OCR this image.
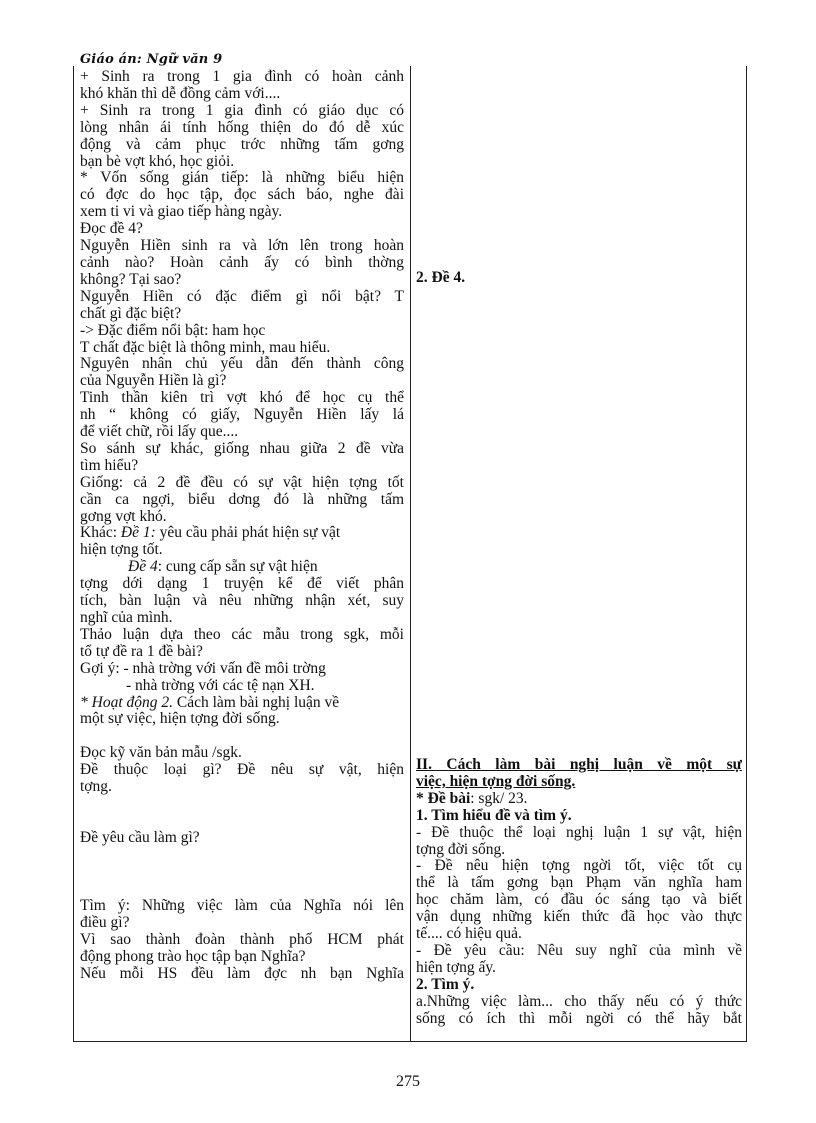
Giáo án: Ngữ văn 9
+ Sinh ra trong 1 gia đình có hoàn cảnh
khó khăn thì dễ đồng cảm với....
+ Sinh ra trong 1 gia đình có giáo dục có
lòng nhân ái tính hống thiện do đó dễ xúc
động và cảm phục trớc những tấm gơng
bạn bè vợt khó, học giỏi.
* Vốn sống gián tiếp: là những biểu hiện
có đợc do học tập, đọc sách báo, nghe đài
xem ti vi và giao tiếp hàng ngày.
Đọc đề 4?
Nguyễn Hiền sinh ra và lớn lên trong hoàn
cảnh nào? Hoàn cảnh ấy có bình thờng
không? Tại sao?
Nguyễn Hiền có đặc điểm gì nổi bật? T
chất gì đặc biệt?
-> Đặc điểm nổi bật: ham học
T chất đặc biệt là thông minh, mau hiểu.
Nguyên nhân chủ yếu dẫn đến thành công
của Nguyễn Hiền là gì?
Tinh thần kiên trì vợt khó để học cụ thể
nh “ không có giấy, Nguyễn Hiền lấy lá
để viết chữ, rồi lấy que....
So sánh sự khác, giống nhau giữa 2 đề vừa
tìm hiểu?
Giống: cả 2 đề đều có sự vật hiện tợng tốt
cần ca ngợi, biểu dơng đó là những tấm
gơng vợt khó.
Khác: Đề 1: yêu cầu phải phát hiện sự vật
hiện tợng tốt.
Đề 4: cung cấp sẵn sự vật hiện
tợng dới dạng 1 truyện kể để viết phân
tích, bàn luận và nêu những nhận xét, suy
nghĩ của mình.
Thảo luận dựa theo các mẫu trong sgk, mỗi
tổ tự đề ra 1 đề bài?
Gợi ý: - nhà trờng với vấn đề môi trờng
- nhà trờng với các tệ nạn XH.
* Hoạt động 2. Cách làm bài nghị luận về
một sự việc, hiện tợng đời sống.
Đọc kỹ văn bản mẫu /sgk.
Đề thuộc loại gì? Đề nêu sự vật, hiện
tợng.
Đề yêu cầu làm gì?
Tìm ý: Những việc làm của Nghĩa nói lên
điều gì?
Vì sao thành đoàn thành phố HCM phát
động phong trào học tập bạn Nghĩa?
Nếu mỗi HS đều làm đợc nh bạn Nghĩa
2. Đề 4.
II. Cách làm bài nghị luận về một sự
việc, hiện tợng đời sống.
* Đề bài: sgk/ 23.
1. Tìm hiểu đề và tìm ý.
- Đề thuộc thể loại nghị luận 1 sự vật, hiện
tợng đời sống.
- Đề nêu hiện tợng ngời tốt, việc tốt cụ
thể là tấm gơng bạn Phạm văn nghĩa ham
học chăm làm, có đầu óc sáng tạo và biết
vận dụng những kiến thức đã học vào thực
tế.... có hiệu quả.
- Đề yêu cầu: Nêu suy nghĩ của mình về
hiện tợng ấy.
2. Tìm ý.
a.Những việc làm... cho thấy nếu có ý thức
sống có ích thì mỗi ngời có thể hãy bắt
275
